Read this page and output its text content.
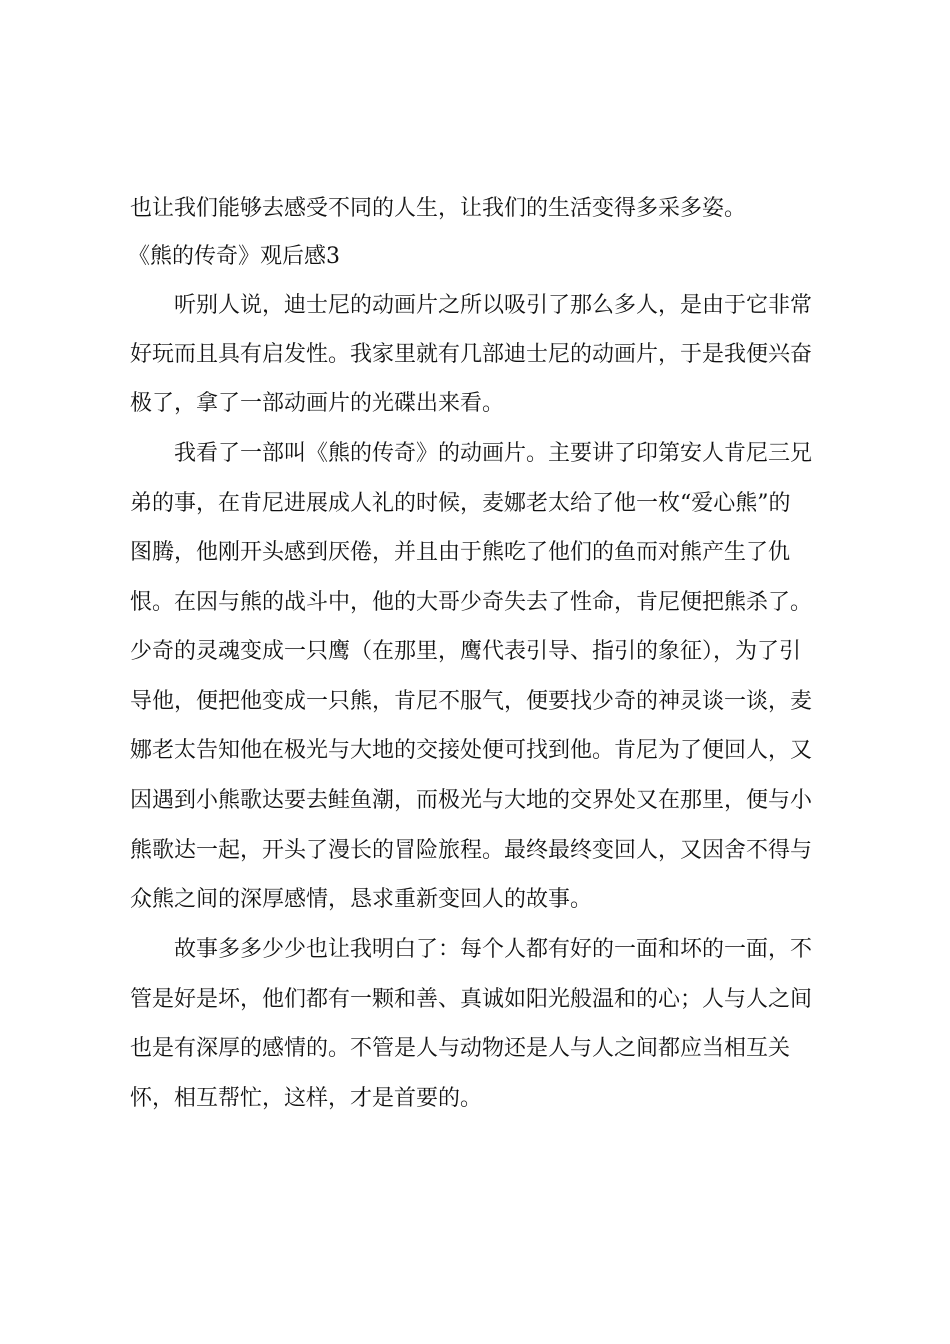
也让我们能够去感受不同的人生，让我们的生活变得多采多姿。
《熊的传奇》观后感3
听别人说，迪士尼的动画片之所以吸引了那么多人，是由于它非常
好玩而且具有启发性。我家里就有几部迪士尼的动画片，于是我便兴奋
极了，拿了一部动画片的光碟出来看。
我看了一部叫《熊的传奇》的动画片。主要讲了印第安人肯尼三兄
弟的事，在肯尼进展成人礼的时候，麦娜老太给了他一枚“爱心熊”的
图腾，他刚开头感到厌倦，并且由于熊吃了他们的鱼而对熊产生了仇
恨。在因与熊的战斗中，他的大哥少奇失去了性命，肯尼便把熊杀了。
少奇的灵魂变成一只鹰（在那里，鹰代表引导、指引的象征），为了引
导他，便把他变成一只熊，肯尼不服气，便要找少奇的神灵谈一谈，麦
娜老太告知他在极光与大地的交接处便可找到他。肯尼为了便回人，又
因遇到小熊歌达要去鲑鱼潮，而极光与大地的交界处又在那里，便与小
熊歌达一起，开头了漫长的冒险旅程。最终最终变回人，又因舍不得与
众熊之间的深厚感情，恳求重新变回人的故事。
故事多多少少也让我明白了：每个人都有好的一面和坏的一面，不
管是好是坏，他们都有一颗和善、真诚如阳光般温和的心；人与人之间
也是有深厚的感情的。不管是人与动物还是人与人之间都应当相互关
怀，相互帮忙，这样，才是首要的。
